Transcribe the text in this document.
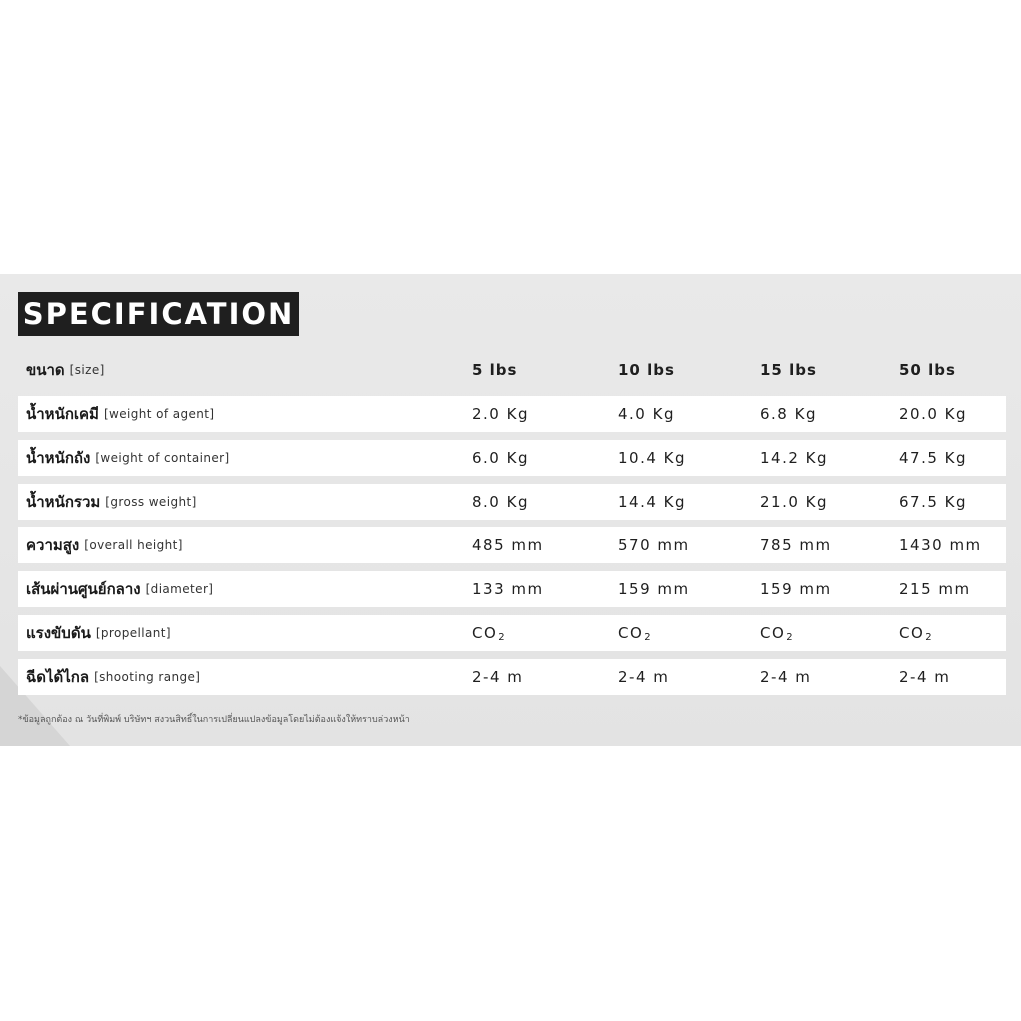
SPECIFICATION
ขนาด [size]	5 lbs	10 lbs	15 lbs	50 lbs
น้ำหนักเคมี [weight of agent]	2.0 Kg	4.0 Kg	6.8 Kg	20.0 Kg
น้ำหนักถัง [weight of container]	6.0 Kg	10.4 Kg	14.2 Kg	47.5 Kg
น้ำหนักรวม [gross weight]	8.0 Kg	14.4 Kg	21.0 Kg	67.5 Kg
ความสูง [overall height]	485 mm	570 mm	785 mm	1430 mm
เส้นผ่านศูนย์กลาง [diameter]	133 mm	159 mm	159 mm	215 mm
แรงขับดัน [propellant]	CO 2	CO 2	CO 2	CO 2
ฉีดได้ไกล [shooting range]	2-4 m	2-4 m	2-4 m	2-4 m
*ข้อมูลถูกต้อง ณ วันที่พิมพ์ บริษัทฯ สงวนสิทธิ์ในการเปลี่ยนแปลงข้อมูลโดยไม่ต้องแจ้งให้ทราบล่วงหน้า
